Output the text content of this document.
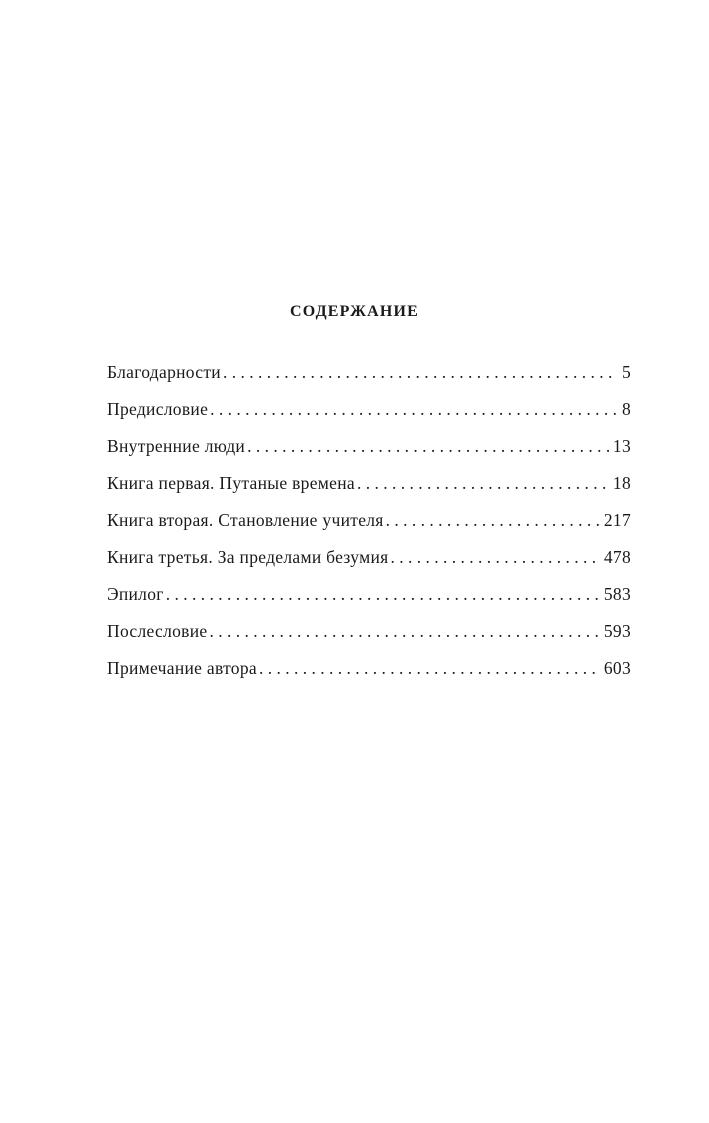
СОДЕРЖАНИЕ
Благодарности . . .	5
Предисловие . . .	8
Внутренние люди . . .	13
Книга первая. Путаные времена . . .	18
Книга вторая. Становление учителя . . .	217
Книга третья. За пределами безумия . . .	478
Эпилог . . .	583
Послесловие . . .	593
Примечание автора . . .	603
